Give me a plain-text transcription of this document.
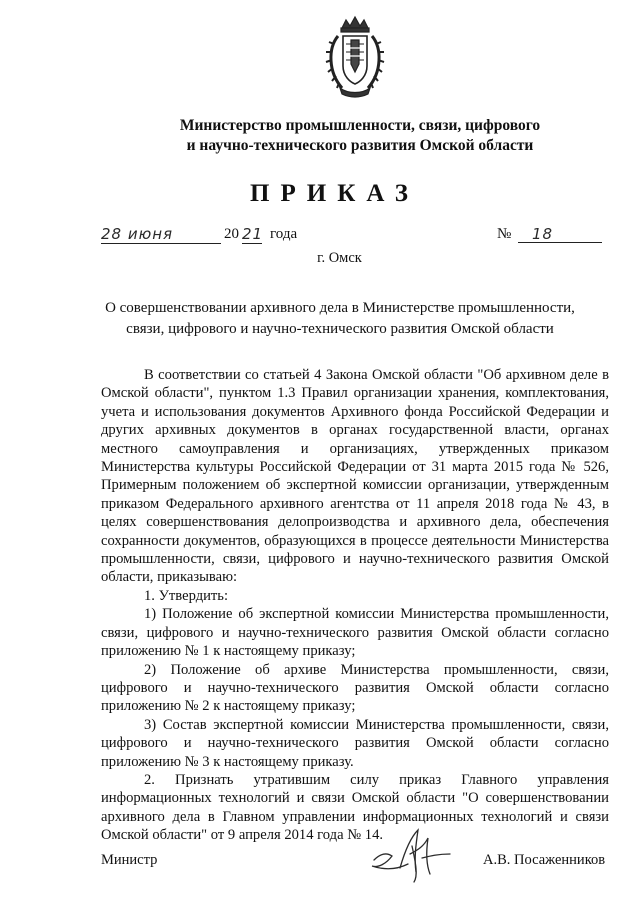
Министерство промышленности, связи, цифрового
и научно-технического развития Омской области
ПРИКАЗ
28 июня	20 21 года	№	18
г. Омск
О совершенствовании архивного дела в Министерстве промышленности,
связи, цифрового и научно-технического развития Омской области

В соответствии со статьей 4 Закона Омской области "Об архивном деле в Омской области", пунктом 1.3 Правил организации хранения, комплектования, учета и использования документов Архивного фонда Российской Федерации и других архивных документов в органах государственной власти, органах местного самоуправления и организациях, утвержденных приказом Министерства культуры Российской Федерации от 31 марта 2015 года № 526, Примерным положением об экспертной комиссии организации, утвержденным приказом Федерального архивного агентства от 11 апреля 2018 года № 43, в целях совершенствования делопроизводства и архивного дела, обеспечения сохранности документов, образующихся в процессе деятельности Министерства промышленности, связи, цифрового и научно-технического развития Омской области, приказываю:

1. Утвердить:

1) Положение об экспертной комиссии Министерства промышленности, связи, цифрового и научно-технического развития Омской области согласно приложению № 1 к настоящему приказу;

2) Положение об архиве Министерства промышленности, связи, цифрового и научно-технического развития Омской области согласно приложению № 2 к настоящему приказу;

3) Состав экспертной комиссии Министерства промышленности, связи, цифрового и научно-технического развития Омской области согласно приложению № 3 к настоящему приказу.

2. Признать утратившим силу приказ Главного управления информационных технологий и связи Омской области "О совершенствовании архивного дела в Главном управлении информационных технологий и связи Омской области" от 9 апреля 2014 года № 14.

Министр	А.В. Посаженников
